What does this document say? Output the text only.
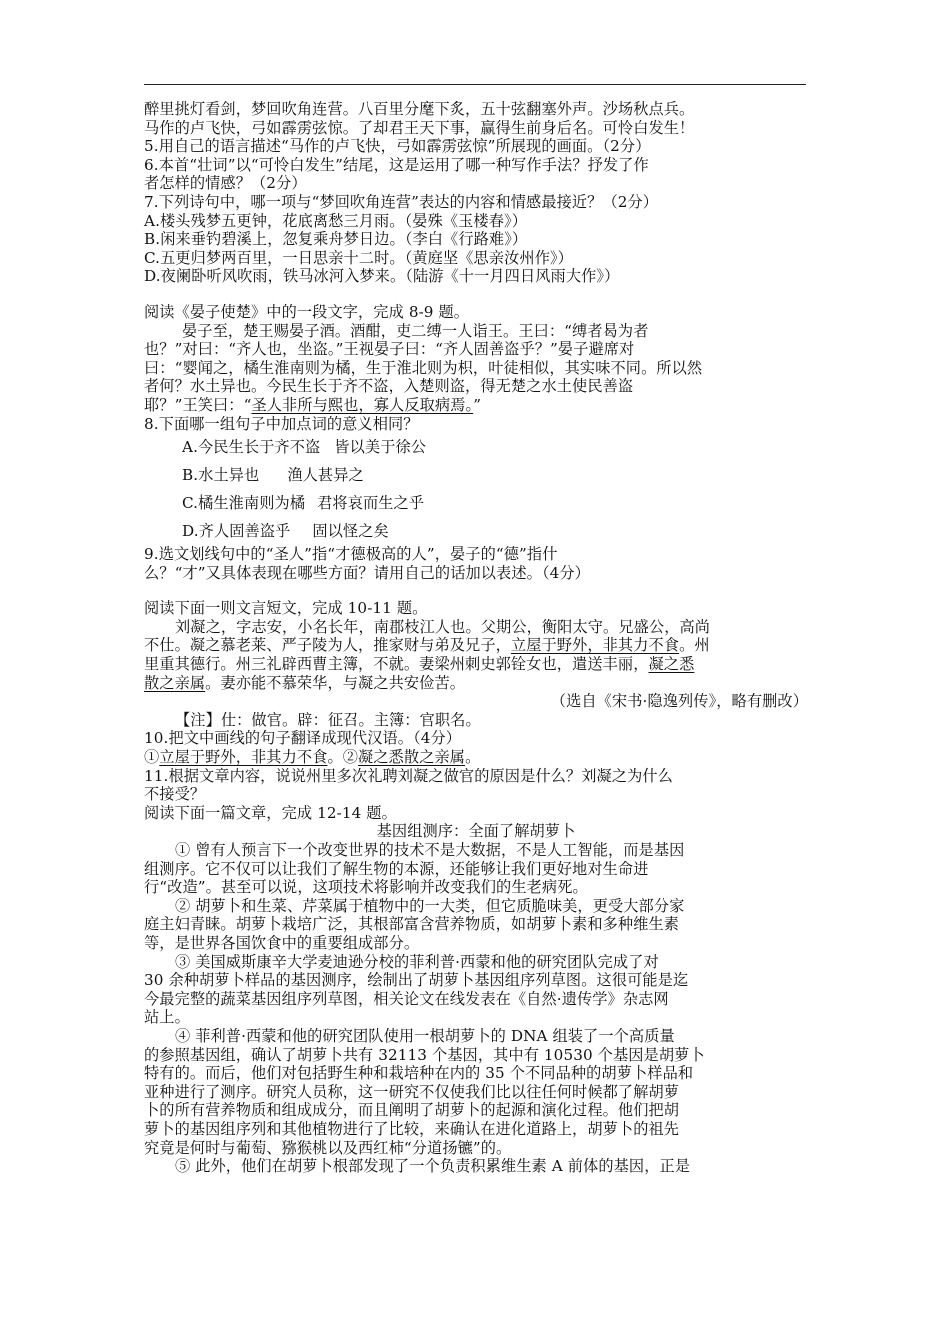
醉里挑灯看剑，梦回吹角连营。八百里分麾下炙，五十弦翻塞外声。沙场秋点兵。
马作的卢飞快，弓如霹雳弦惊。了却君王天下事，赢得生前身后名。可怜白发生！
5.用自己的语言描述“马作的卢飞快，弓如霹雳弦惊”所展现的画面。（2分）
6.本首“壮词”以“可怜白发生”结尾，这是运用了哪一种写作手法？抒发了作
者怎样的情感？（2分）
7.下列诗句中，哪一项与“梦回吹角连营”表达的内容和情感最接近？（2分）
A.楼头残梦五更钟，花底离愁三月雨。（晏殊《玉楼春》）
B.闲来垂钓碧溪上，忽复乘舟梦日边。（李白《行路难》）
C.五更归梦两百里，一日思亲十二时。（黄庭坚《思亲汝州作》）
D.夜阑卧听风吹雨，铁马冰河入梦来。（陆游《十一月四日风雨大作》）
阅读《晏子使楚》中的一段文字，完成 8-9 题。
晏子至，楚王赐晏子酒。酒酣，吏二缚一人诣王。王曰：“缚者曷为者
也？”对曰：“齐人也，坐盗。”王视晏子曰：“齐人固善盗乎？”晏子避席对
曰：“婴闻之，橘生淮南则为橘，生于淮北则为枳，叶徒相似，其实味不同。所以然
者何？水土异也。今民生长于齐不盗，入楚则盗，得无楚之水土使民善盗
耶？”王笑曰：“圣人非所与熙也，寡人反取病焉。”
8.下面哪一组句子中加点词的意义相同？
A.今民生长于齐不盗 皆以美于徐公
B.水土异也 渔人甚异之
C.橘生淮南则为橘 君将哀而生之乎
D.齐人固善盗乎 固以怪之矣
9.选文划线句中的“圣人”指“才德极高的人”，晏子的“德”指什
么？“才”又具体表现在哪些方面？请用自己的话加以表述。（4分）
阅读下面一则文言短文，完成 10-11 题。
刘凝之，字志安，小名长年，南郡枝江人也。父期公，衡阳太守。兄盛公，高尚
不仕。凝之慕老莱、严子陵为人，推家财与弟及兄子，立屋于野外，非其力不食。州
里重其德行。州三礼辟西曹主簿，不就。妻梁州刺史郭铨女也，遣送丰丽，凝之悉
散之亲属。妻亦能不慕荣华，与凝之共安俭苦。
（选自《宋书·隐逸列传》，略有删改）
【注】仕：做官。辟：征召。主簿：官职名。
10.把文中画线的句子翻译成现代汉语。（4分）
①立屋于野外，非其力不食。②凝之悉散之亲属。
11.根据文章内容，说说州里多次礼聘刘凝之做官的原因是什么？刘凝之为什么
不接受？
阅读下面一篇文章，完成 12-14 题。
基因组测序：全面了解胡萝卜
① 曾有人预言下一个改变世界的技术不是大数据，不是人工智能，而是基因
组测序。它不仅可以让我们了解生物的本源，还能够让我们更好地对生命进
行“改造”。甚至可以说，这项技术将影响并改变我们的生老病死。
② 胡萝卜和生菜、芹菜属于植物中的一大类，但它质脆味美，更受大部分家
庭主妇青睐。胡萝卜栽培广泛，其根部富含营养物质，如胡萝卜素和多种维生素
等，是世界各国饮食中的重要组成部分。
③ 美国威斯康辛大学麦迪逊分校的菲利普·西蒙和他的研究团队完成了对
30 余种胡萝卜样品的基因测序，绘制出了胡萝卜基因组序列草图。这很可能是迄
今最完整的蔬菜基因组序列草图，相关论文在线发表在《自然·遗传学》杂志网
站上。
④ 菲利普·西蒙和他的研究团队使用一根胡萝卜的 DNA 组装了一个高质量
的参照基因组，确认了胡萝卜共有 32113 个基因，其中有 10530 个基因是胡萝卜
特有的。而后，他们对包括野生种和栽培种在内的 35 个不同品种的胡萝卜样品和
亚种进行了测序。研究人员称，这一研究不仅使我们比以往任何时候都了解胡萝
卜的所有营养物质和组成成分，而且阐明了胡萝卜的起源和演化过程。他们把胡
萝卜的基因组序列和其他植物进行了比较，来确认在进化道路上，胡萝卜的祖先
究竟是何时与葡萄、猕猴桃以及西红柿“分道扬镳”的。
⑤ 此外，他们在胡萝卜根部发现了一个负责积累维生素 A 前体的基因，正是
